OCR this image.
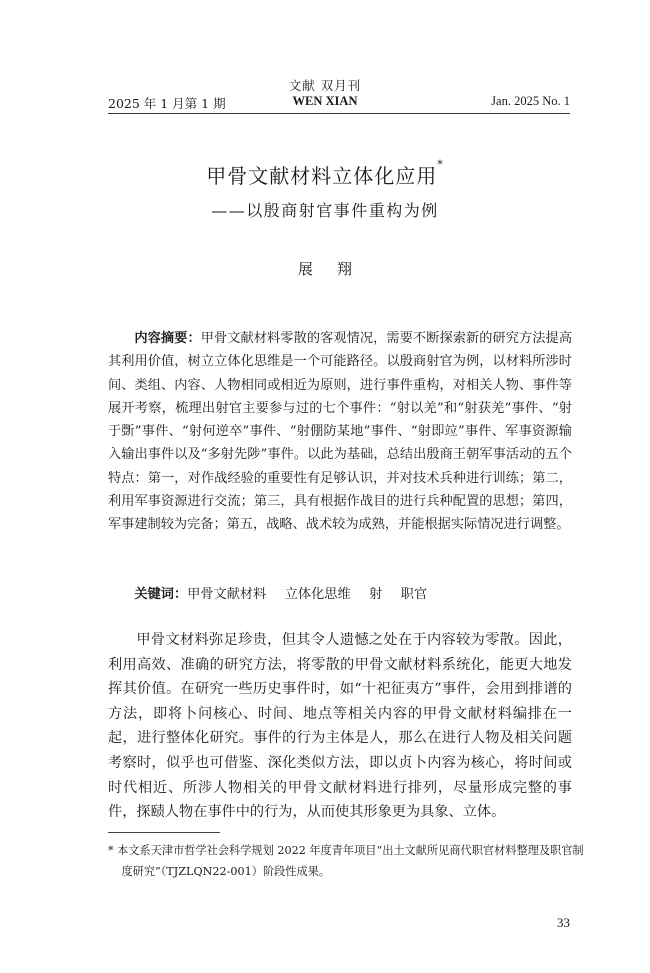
文献 双月刊
2025 年 1 月第 1 期	WEN XIAN	Jan. 2025 No. 1
甲骨文献材料立体化应用*
——以殷商射官事件重构为例
展翔

内容摘要：甲骨文献材料零散的客观情况，需要不断探索新的研究方法提高其利用价值，树立立体化思维是一个可能路径。以殷商射官为例，以材料所涉时间、类组、内容、人物相同或相近为原则，进行事件重构，对相关人物、事件等展开考察，梳理出射官主要参与过的七个事件：“射以羌”和“射获羌”事件、“射于斲”事件、“射何逆卒”事件、“射倗防某地”事件、“射即竝”事件、军事资源输入输出事件以及“多射先陟”事件。以此为基础，总结出殷商王朝军事活动的五个特点：第一，对作战经验的重要性有足够认识，并对技术兵种进行训练；第二，利用军事资源进行交流；第三，具有根据作战目的进行兵种配置的思想；第四，军事建制较为完备；第五，战略、战术较为成熟，并能根据实际情况进行调整。

关键词：甲骨文献材料 立体化思维 射 职官

甲骨文材料弥足珍贵，但其令人遗憾之处在于内容较为零散。因此，利用高效、准确的研究方法，将零散的甲骨文献材料系统化，能更大地发挥其价值。在研究一些历史事件时，如“十祀征夷方”事件，会用到排谱的方法，即将卜问核心、时间、地点等相关内容的甲骨文献材料编排在一起，进行整体化研究。事件的行为主体是人，那么在进行人物及相关问题考察时，似乎也可借鉴、深化类似方法，即以贞卜内容为核心，将时间或时代相近、所涉人物相关的甲骨文献材料进行排列，尽量形成完整的事件，探赜人物在事件中的行为，从而使其形象更为具象、立体。

* 本文系天津市哲学社会科学规划 2022 年度青年项目“出土文献所见商代职官材料整理及职官制度研究”（TJZLQN22-001）阶段性成果。
33
